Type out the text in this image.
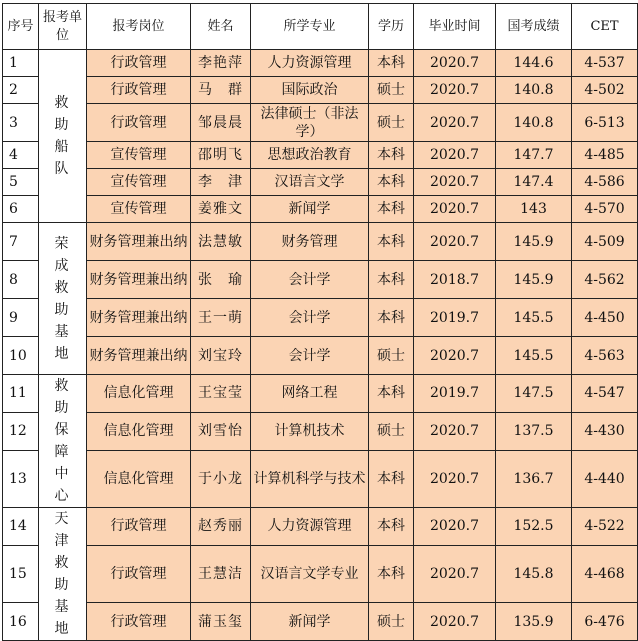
序号	报考单位	报考岗位	姓名	所学专业	学历	毕业时间	国考成绩	CET
1	救助船队	行政管理	李艳萍	人力资源管理	本科	2020.7	144.6	4-537
2		行政管理	马　群	国际政治	硕士	2020.7	140.8	4-502
3		行政管理	邹晨晨	法律硕士（非法学）	硕士	2020.7	140.8	6-513
4		宣传管理	邵明飞	思想政治教育	本科	2020.7	147.7	4-485
5		宣传管理	李　津	汉语言文学	本科	2020.7	147.4	4-586
6		宣传管理	姜雅文	新闻学	本科	2020.7	143	4-570
7	荣成救助基地	财务管理兼出纳	法慧敏	财务管理	本科	2020.7	145.9	4-509
8		财务管理兼出纳	张　瑜	会计学	本科	2018.7	145.9	4-562
9		财务管理兼出纳	王一萌	会计学	本科	2019.7	145.5	4-450
10		财务管理兼出纳	刘宝玲	会计学	硕士	2020.7	145.5	4-563
11	救助保障中心	信息化管理	王宝莹	网络工程	本科	2019.7	147.5	4-547
12		信息化管理	刘雪怡	计算机技术	硕士	2020.7	137.5	4-430
13		信息化管理	于小龙	计算机科学与技术	本科	2020.7	136.7	4-440
14	天津救助基地	行政管理	赵秀丽	人力资源管理	本科	2020.7	152.5	4-522
15		行政管理	王慧洁	汉语言文学专业	本科	2020.7	145.8	4-468
16		行政管理	蒲玉玺	新闻学	硕士	2020.7	135.9	6-476
